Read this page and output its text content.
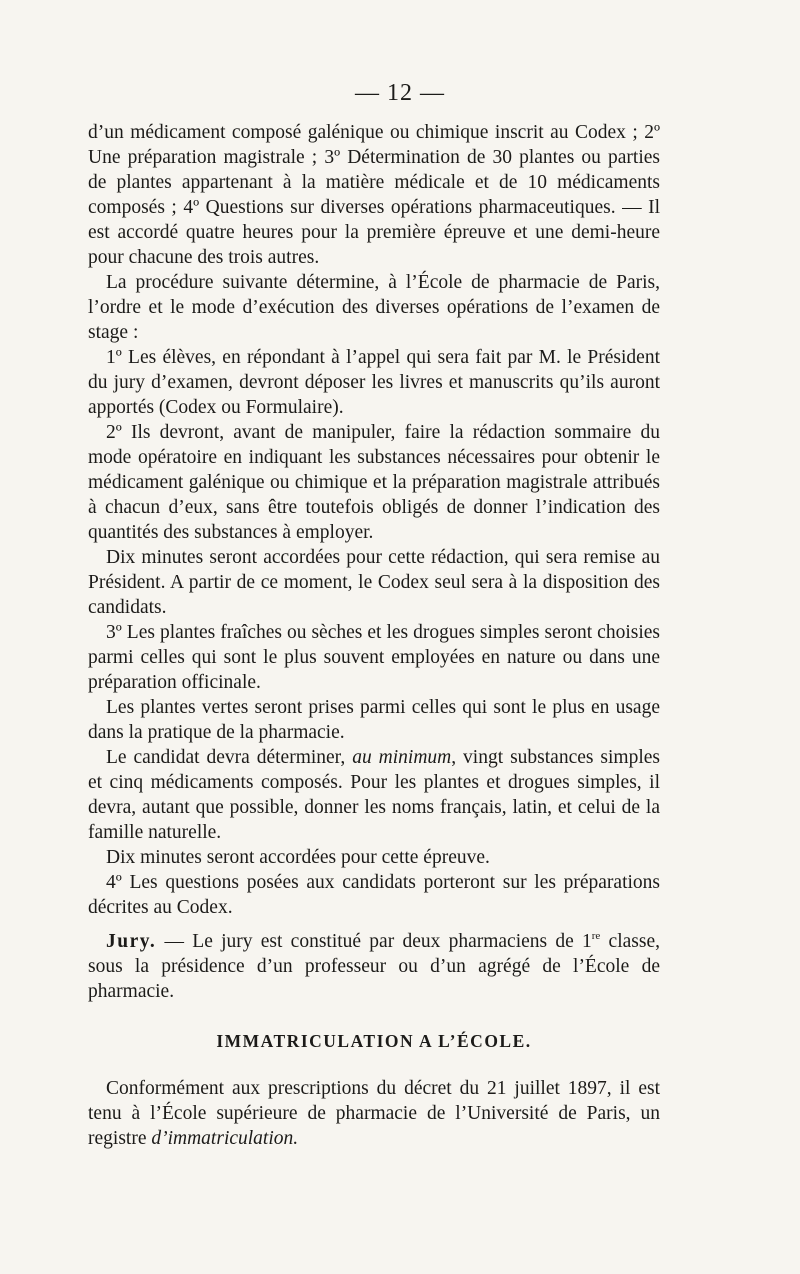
— 12 —

d’un médicament composé galénique ou chimique inscrit au Codex ; 2º Une préparation magistrale ; 3º Détermination de 30 plantes ou parties de plantes appartenant à la matière médicale et de 10 médicaments composés ; 4º Questions sur diverses opérations pharmaceutiques. — Il est accordé quatre heures pour la première épreuve et une demi-heure pour chacune des trois autres.

La procédure suivante détermine, à l’École de pharmacie de Paris, l’ordre et le mode d’exécution des diverses opérations de l’examen de stage :

1º Les élèves, en répondant à l’appel qui sera fait par M. le Président du jury d’examen, devront déposer les livres et manuscrits qu’ils auront apportés (Codex ou Formulaire).

2º Ils devront, avant de manipuler, faire la rédaction sommaire du mode opératoire en indiquant les substances nécessaires pour obtenir le médicament galénique ou chimique et la préparation magistrale attribués à chacun d’eux, sans être toutefois obligés de donner l’indication des quantités des substances à employer.

Dix minutes seront accordées pour cette rédaction, qui sera remise au Président. A partir de ce moment, le Codex seul sera à la disposition des candidats.

3º Les plantes fraîches ou sèches et les drogues simples seront choisies parmi celles qui sont le plus souvent employées en nature ou dans une préparation officinale.

Les plantes vertes seront prises parmi celles qui sont le plus en usage dans la pratique de la pharmacie.

Le candidat devra déterminer, au minimum, vingt substances simples et cinq médicaments composés. Pour les plantes et drogues simples, il devra, autant que possible, donner les noms français, latin, et celui de la famille naturelle.

Dix minutes seront accordées pour cette épreuve.

4º Les questions posées aux candidats porteront sur les préparations décrites au Codex.

Jury. — Le jury est constitué par deux pharmaciens de 1re classe, sous la présidence d’un professeur ou d’un agrégé de l’École de pharmacie.

IMMATRICULATION A L’ÉCOLE.

Conformément aux prescriptions du décret du 21 juillet 1897, il est tenu à l’École supérieure de pharmacie de l’Université de Paris, un registre d’immatriculation.
